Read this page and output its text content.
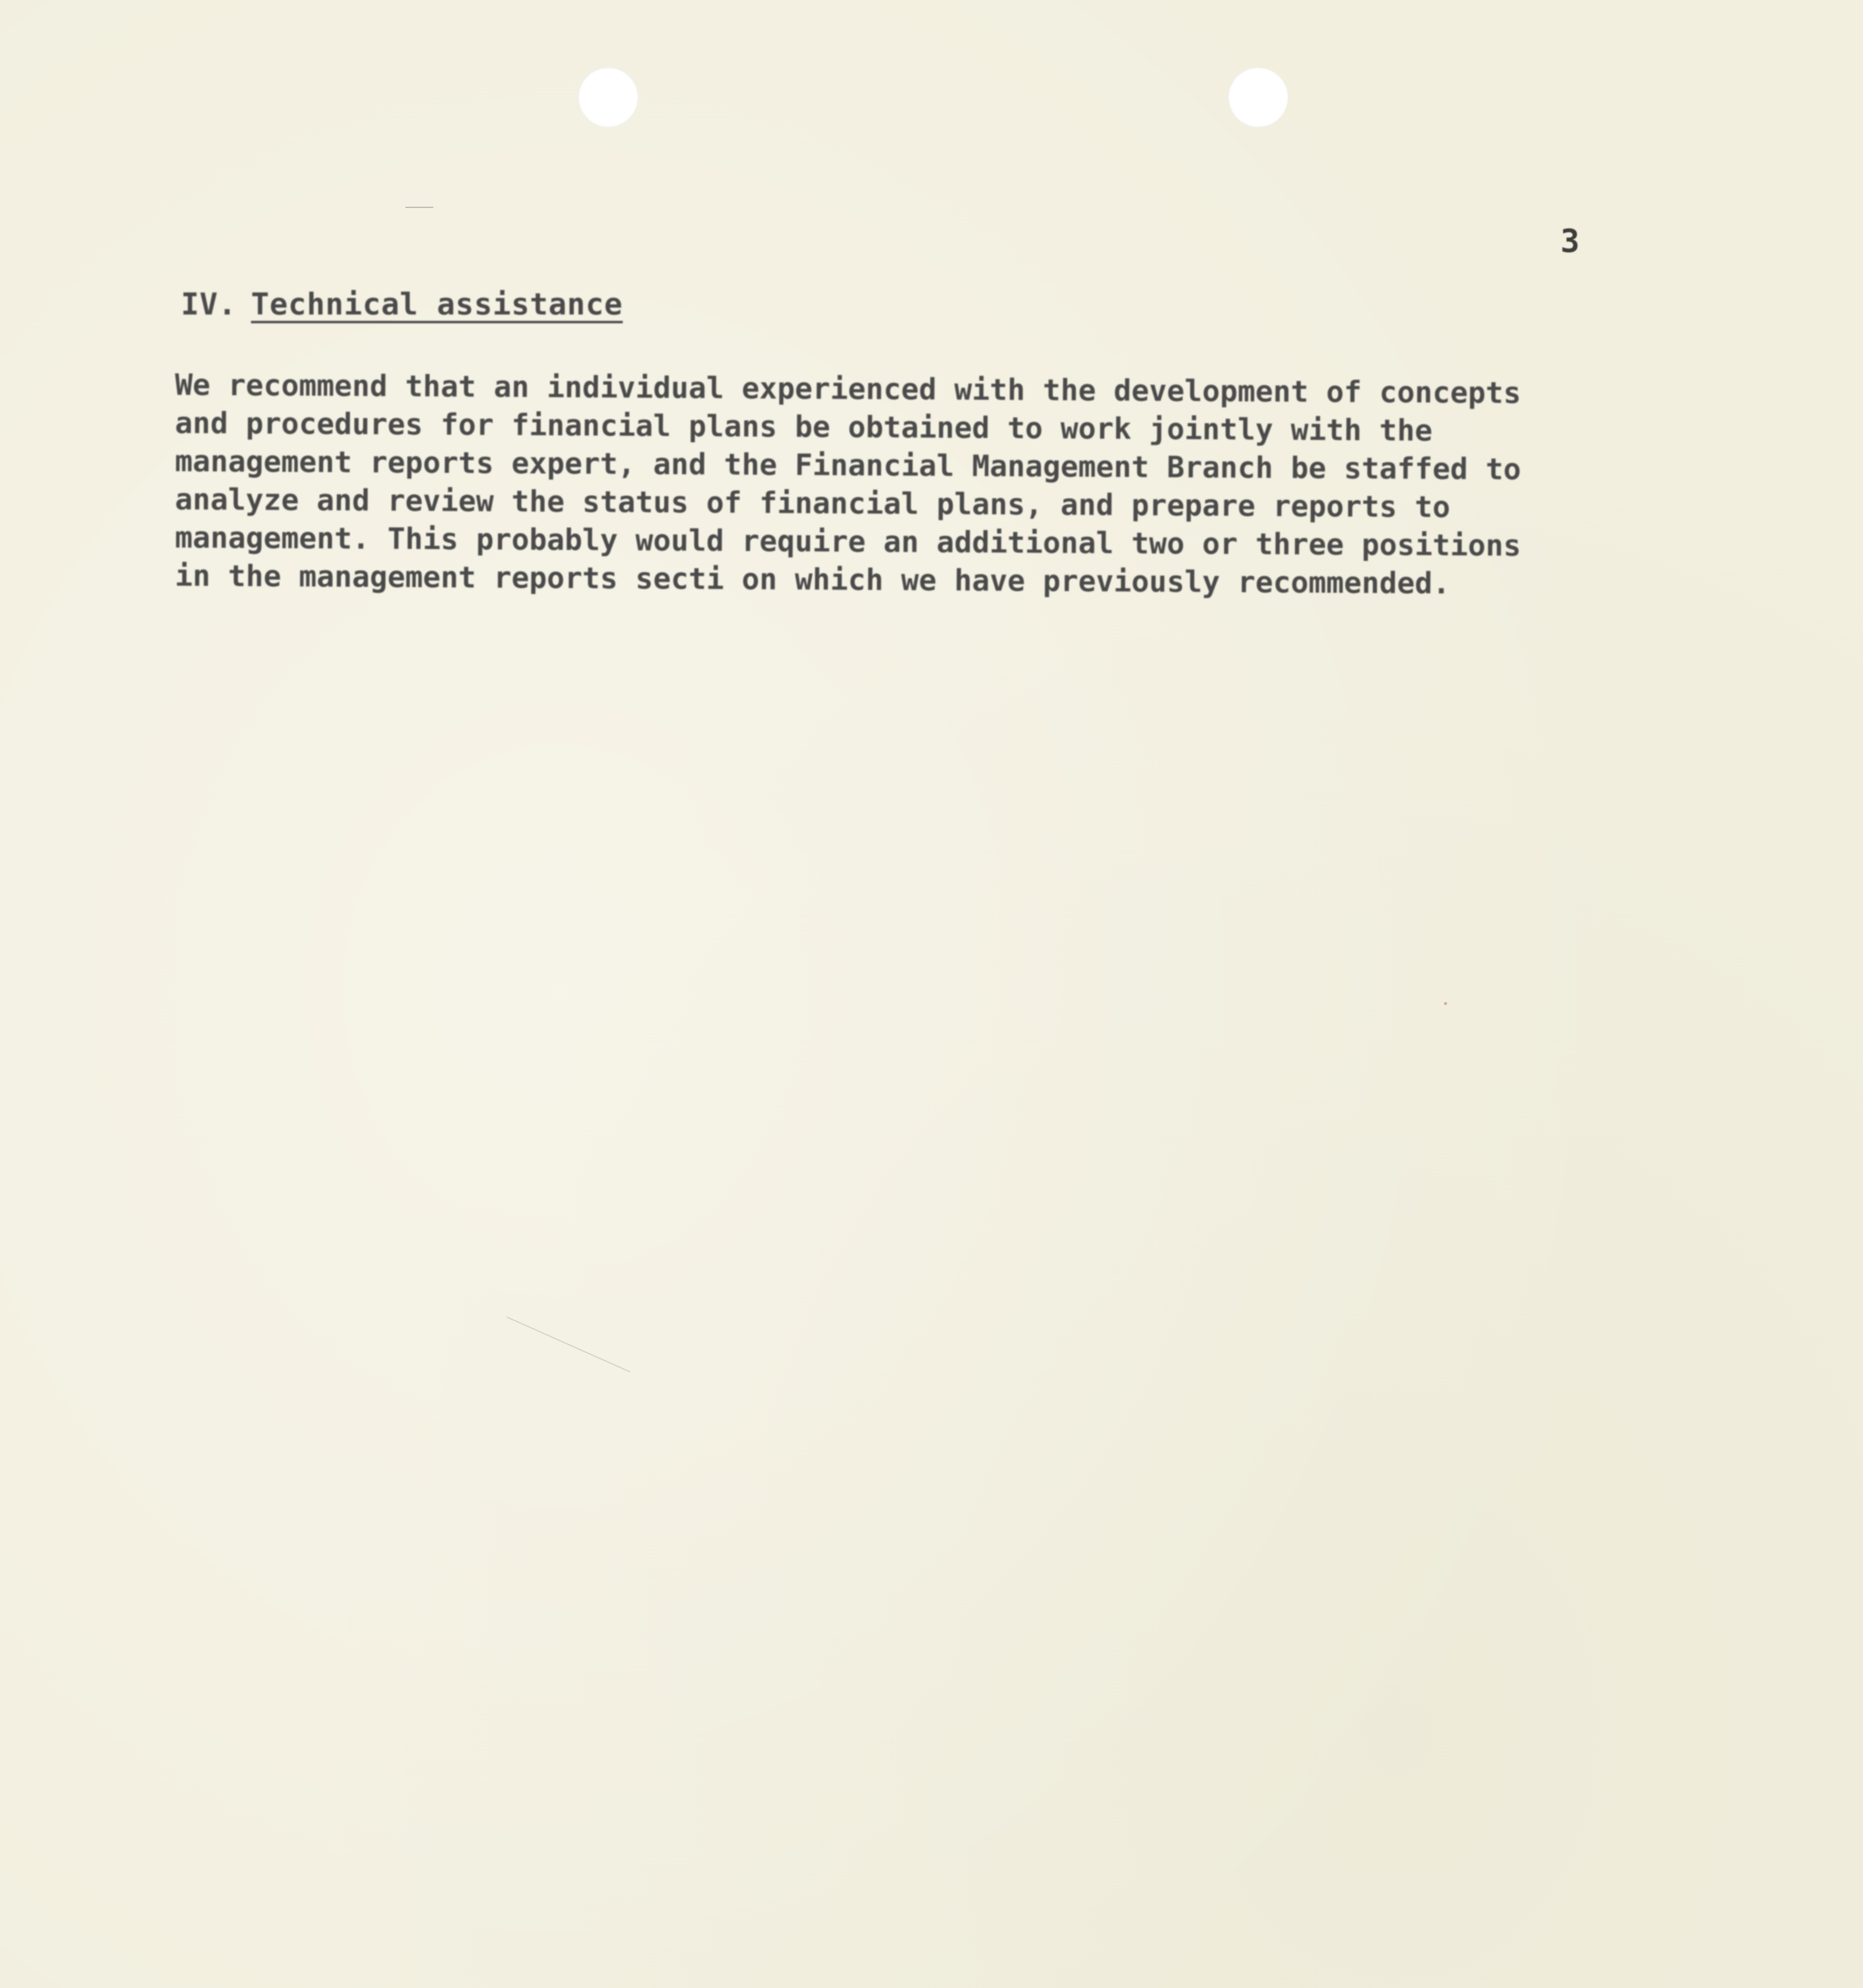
3
IV. Technical assistance

We recommend that an individual experienced with the development of concepts
and procedures for financial plans be obtained to work jointly with the
management reports expert, and the Financial Management Branch be staffed to
analyze and review the status of financial plans, and prepare reports to
management. This probably would require an additional two or three positions
in the management reports secti on which we have previously recommended.
